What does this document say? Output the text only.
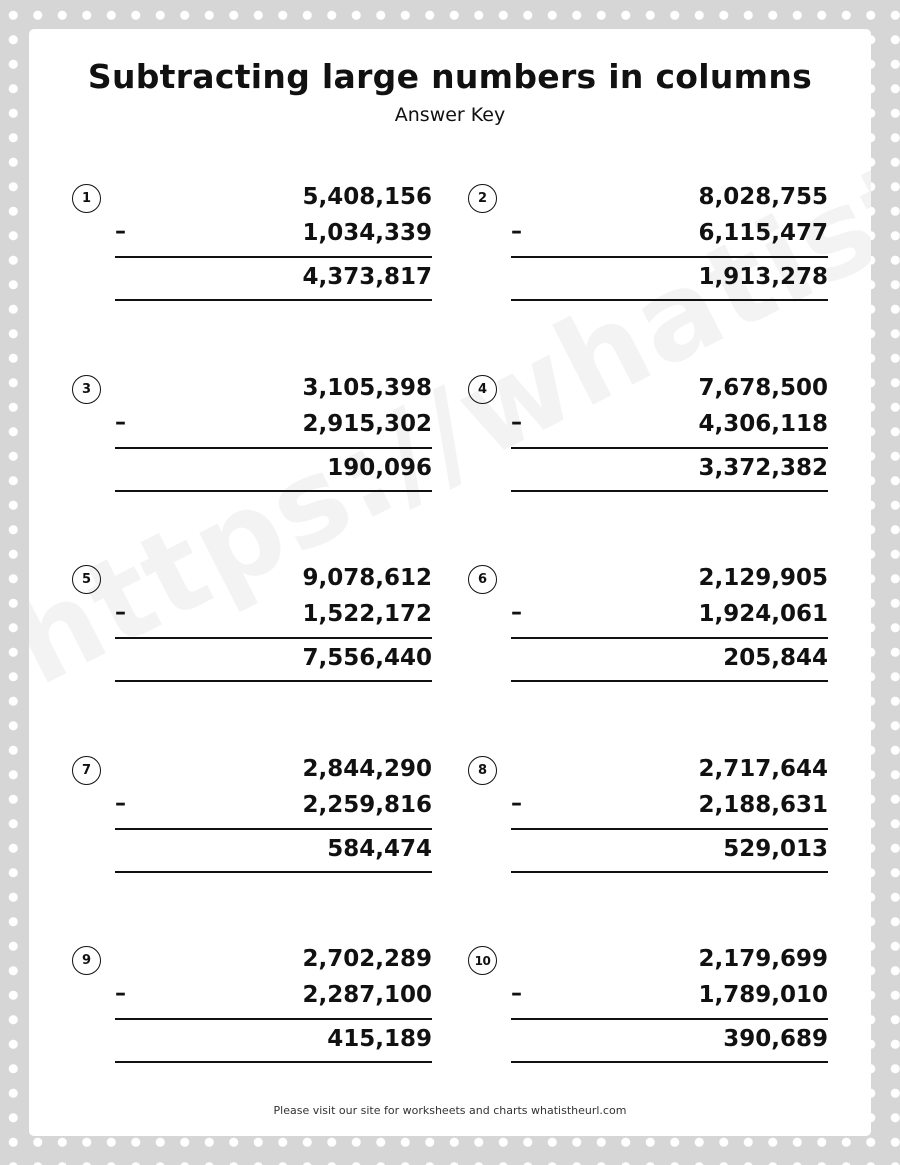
Subtracting large numbers in columns
Answer Key
1	5,408,156
–	1,034,339
4,373,817
2	8,028,755
–	6,115,477
1,913,278
3	3,105,398
–	2,915,302
190,096
4	7,678,500
–	4,306,118
3,372,382
5	9,078,612
–	1,522,172
7,556,440
6	2,129,905
–	1,924,061
205,844
7	2,844,290
–	2,259,816
584,474
8	2,717,644
–	2,188,631
529,013
9	2,702,289
–	2,287,100
415,189
10	2,179,699
–	1,789,010
390,689
Please visit our site for worksheets and charts whatistheurl.com
